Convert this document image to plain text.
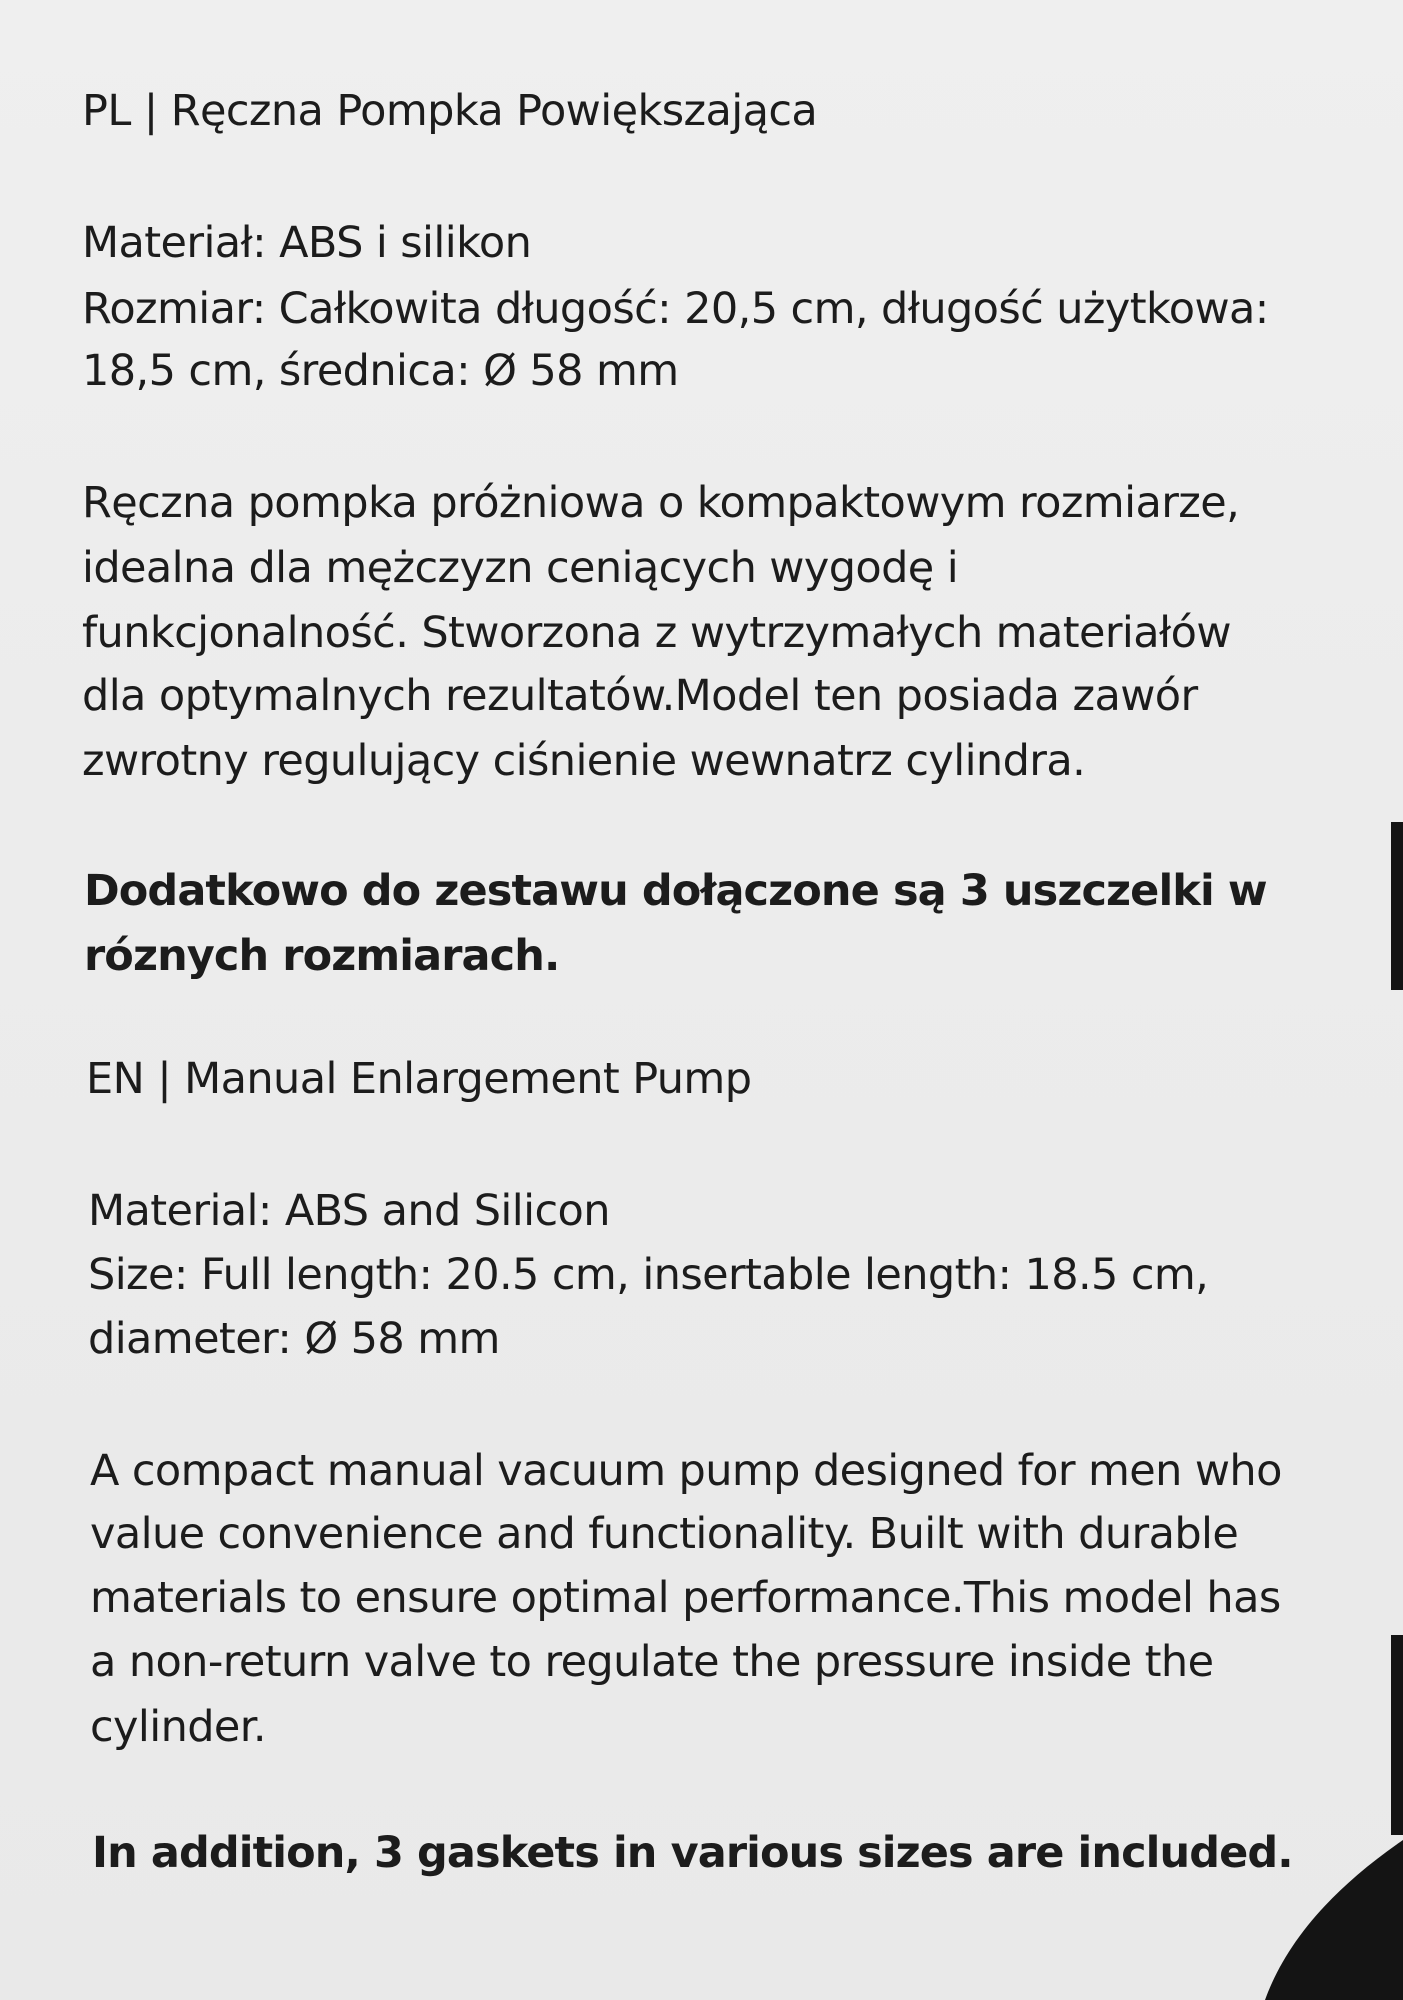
PL | Ręczna Pompka Powiększająca
Materiał: ABS i silikon
Rozmiar: Całkowita długość: 20,5 cm, długość użytkowa:
18,5 cm, średnica: Ø 58 mm
Ręczna pompka próżniowa o kompaktowym rozmiarze,
idealna dla mężczyzn ceniących wygodę i
funkcjonalność. Stworzona z wytrzymałych materiałów
dla optymalnych rezultatów.Model ten posiada zawór
zwrotny regulujący ciśnienie wewnatrz cylindra.
Dodatkowo do zestawu dołączone są 3 uszczelki w
róznych rozmiarach.
EN | Manual Enlargement Pump
Material: ABS and Silicon
Size: Full length: 20.5 cm, insertable length: 18.5 cm,
diameter: Ø 58 mm
A compact manual vacuum pump designed for men who
value convenience and functionality. Built with durable
materials to ensure optimal performance.This model has
a non-return valve to regulate the pressure inside the
cylinder.
In addition, 3 gaskets in various sizes are included.
